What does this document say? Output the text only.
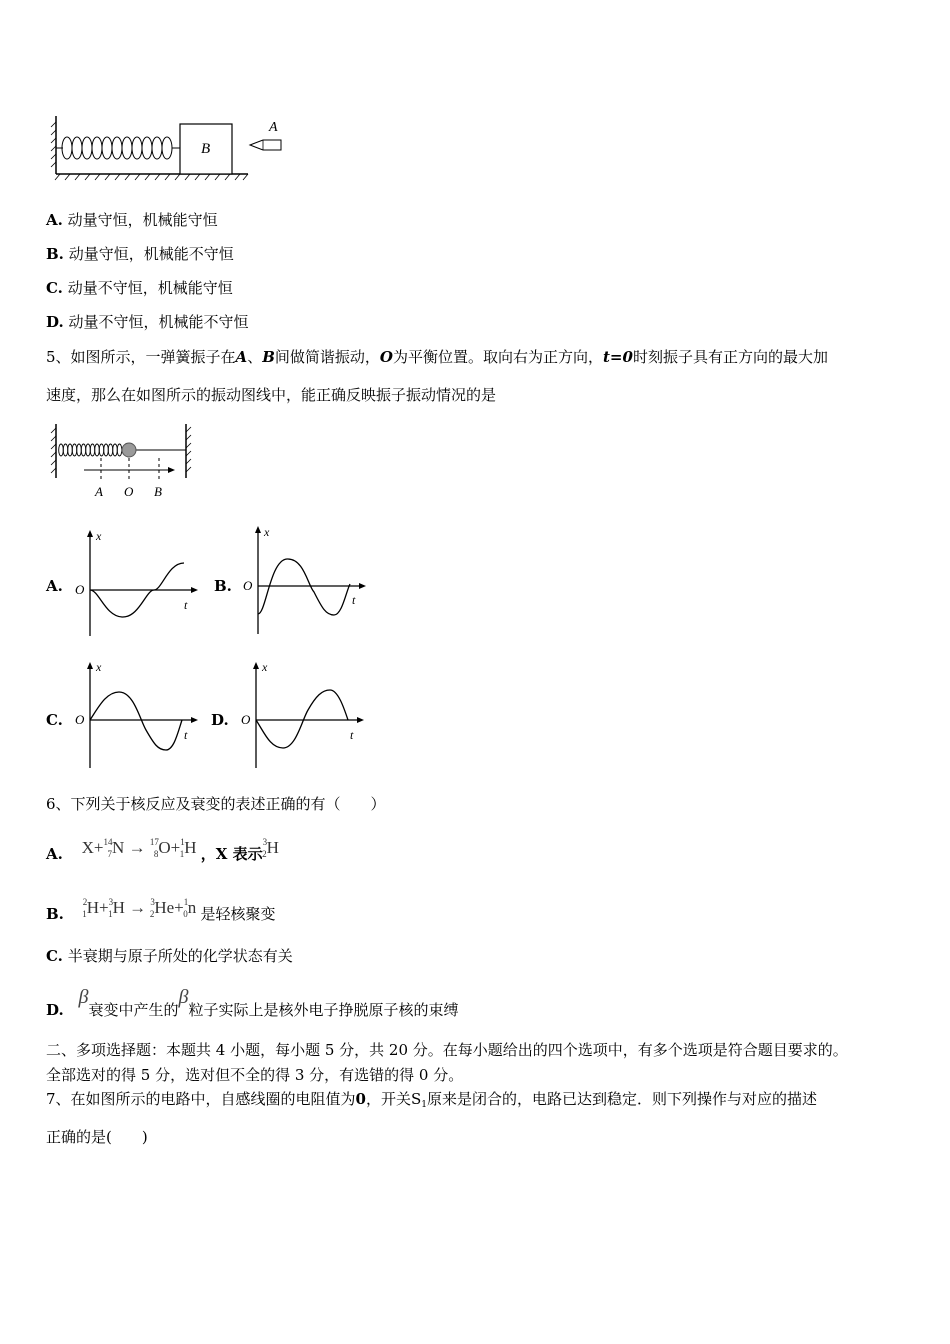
B
A
A. 动量守恒，机械能守恒
B. 动量守恒，机械能不守恒
C. 动量不守恒，机械能守恒
D. 动量不守恒，机械能不守恒
5、如图所示，一弹簧振子在A、B间做简谐振动，O为平衡位置。取向右为正方向，t=0时刻振子具有正方向的最大加
速度，那么在如图所示的振动图线中，能正确反映振子振动情况的是
A O B
A.
x
t
O	B.
x
t
O
C.
x
t
O	D.
x
t
O
6、下列关于核反应及衰变的表述正确的有（　　）
A. X+$^{14}_7$N → $^{17}_8$O+$^1_1$H ，X 表示$^3_2$H
B. $^2_1$H+$^3_1$H → $^3_2$He+$^1_0$n 是轻核聚变
C. 半衰期与原子所处的化学状态有关
D. β衰变中产生的β粒子实际上是核外电子挣脱原子核的束缚
二、多项选择题：本题共 4 小题，每小题 5 分，共 20 分。在每小题给出的四个选项中，有多个选项是符合题目要求的。
全部选对的得 5 分，选对但不全的得 3 分，有选错的得 0 分。
7、在如图所示的电路中，自感线圈的电阻值为0，开关$S_1$原来是闭合的，电路已达到稳定．则下列操作与对应的描述
正确的是(　　)
